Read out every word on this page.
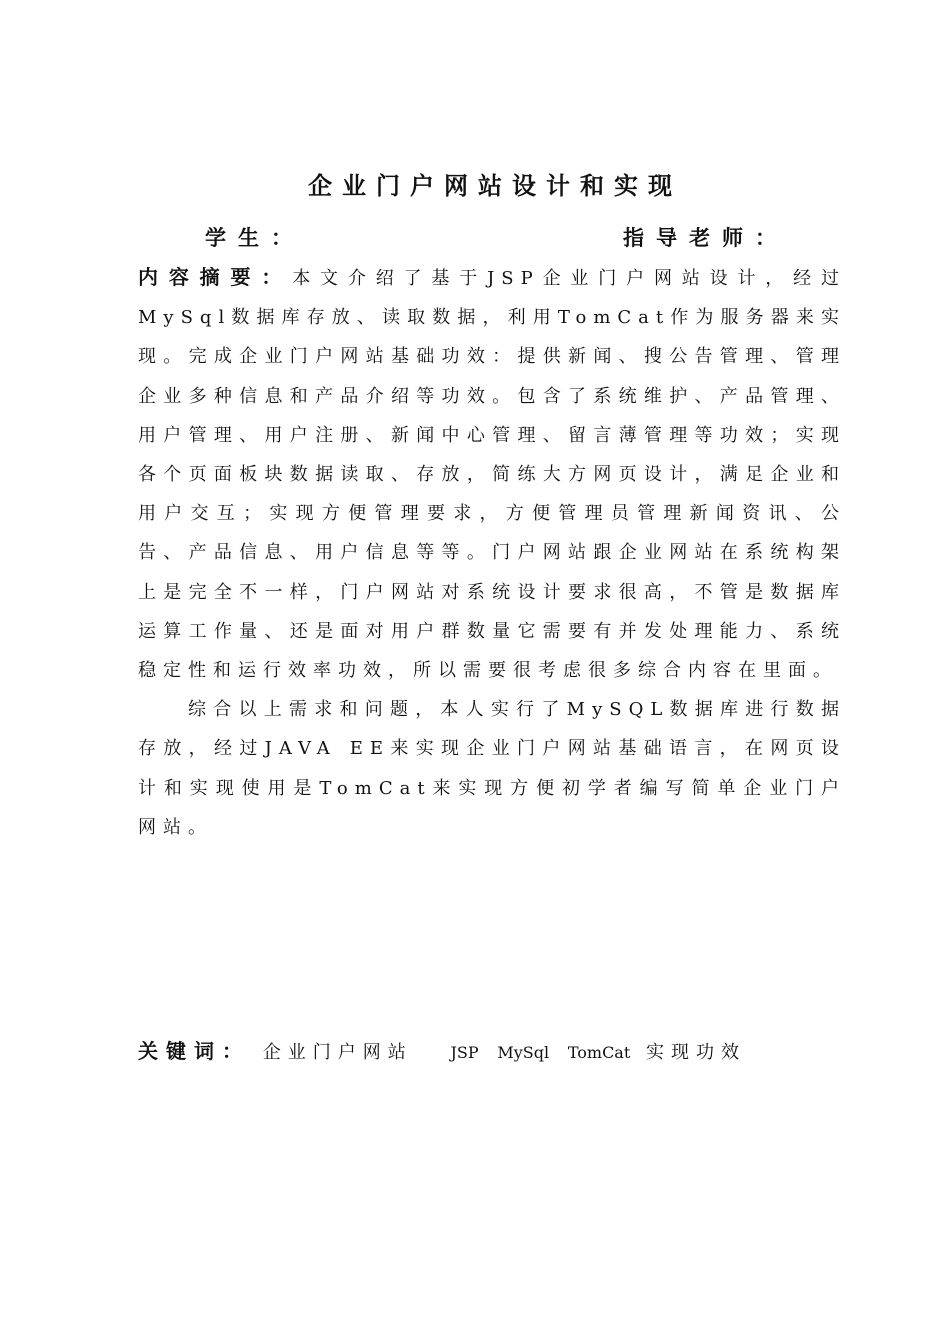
企业门户网站设计和实现
学生：	指导老师：

内容摘要：本文介绍了基于JSP企业门户网站设计，经过MySql数据库存放、读取数据，利用TomCat作为服务器来实现。完成企业门户网站基础功效：提供新闻、搜公告管理、管理企业多种信息和产品介绍等功效。包含了系统维护、产品管理、用户管理、用户注册、新闻中心管理、留言薄管理等功效；实现各个页面板块数据读取、存放，简练大方网页设计，满足企业和用户交互；实现方便管理要求，方便管理员管理新闻资讯、公告、产品信息、用户信息等等。门户网站跟企业网站在系统构架上是完全不一样，门户网站对系统设计要求很高，不管是数据库运算工作量、还是面对用户群数量它需要有并发处理能力、系统稳定性和运行效率功效，所以需要很考虑很多综合内容在里面。

综合以上需求和问题，本人实行了MySQL数据库进行数据存放，经过JAVA EE来实现企业门户网站基础语言，在网页设计和实现使用是TomCat来实现方便初学者编写简单企业门户网站。

关键词： 企业门户网站 JSP MySql TomCat 实现功效
